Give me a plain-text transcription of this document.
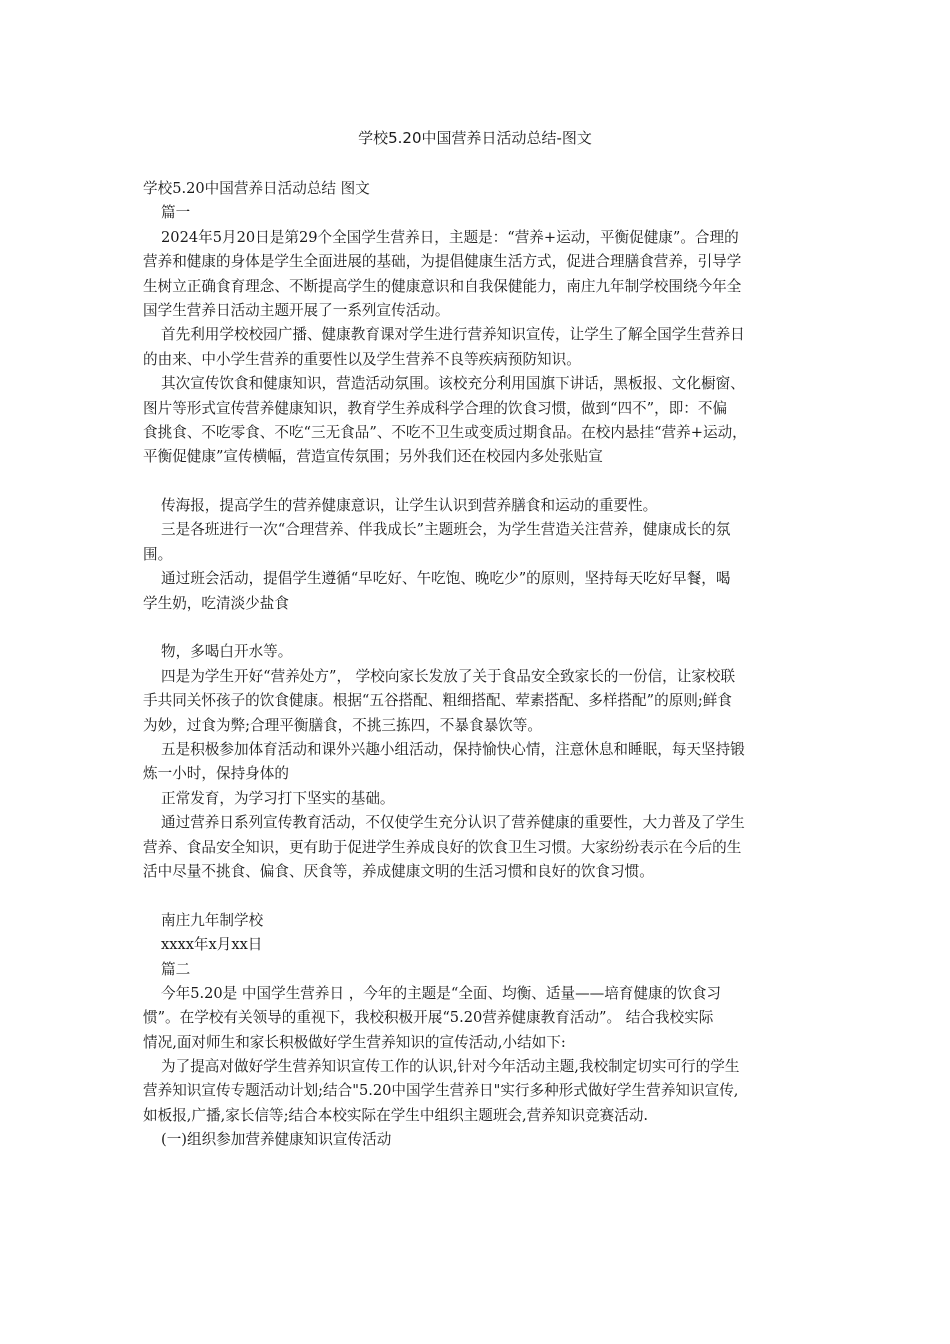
学校5.20中国营养日活动总结-图文
学校5.20中国营养日活动总结 图文
篇一
2024年5月20日是第29个全国学生营养日，主题是：“营养+运动，平衡促健康”。合理的
营养和健康的身体是学生全面进展的基础，为提倡健康生活方式，促进合理膳食营养，引导学
生树立正确食育理念、不断提高学生的健康意识和自我保健能力，南庄九年制学校围绕今年全
国学生营养日活动主题开展了一系列宣传活动。
首先利用学校校园广播、健康教育课对学生进行营养知识宣传，让学生了解全国学生营养日
的由来、中小学生营养的重要性以及学生营养不良等疾病预防知识。
其次宣传饮食和健康知识，营造活动氛围。该校充分利用国旗下讲话，黑板报、文化橱窗、
图片等形式宣传营养健康知识，教育学生养成科学合理的饮食习惯，做到“四不”，即：不偏
食挑食、不吃零食、不吃“三无食品”、不吃不卫生或变质过期食品。在校内悬挂“营养+运动，
平衡促健康”宣传横幅，营造宣传氛围；另外我们还在校园内多处张贴宣
传海报，提高学生的营养健康意识，让学生认识到营养膳食和运动的重要性。
三是各班进行一次“合理营养、伴我成长”主题班会，为学生营造关注营养，健康成长的氛
围。
通过班会活动，提倡学生遵循“早吃好、午吃饱、晚吃少”的原则，坚持每天吃好早餐，喝
学生奶，吃清淡少盐食
物，多喝白开水等。
四是为学生开好“营养处方”， 学校向家长发放了关于食品安全致家长的一份信，让家校联
手共同关怀孩子的饮食健康。根据“五谷搭配、粗细搭配、荤素搭配、多样搭配”的原则;鲜食
为妙，过食为弊;合理平衡膳食，不挑三拣四，不暴食暴饮等。
五是积极参加体育活动和课外兴趣小组活动，保持愉快心情，注意休息和睡眠，每天坚持锻
炼一小时，保持身体的
正常发育，为学习打下坚实的基础。
通过营养日系列宣传教育活动，不仅使学生充分认识了营养健康的重要性，大力普及了学生
营养、食品安全知识，更有助于促进学生养成良好的饮食卫生习惯。大家纷纷表示在今后的生
活中尽量不挑食、偏食、厌食等，养成健康文明的生活习惯和良好的饮食习惯。
南庄九年制学校
xxxx年x月xx日
篇二
今年5.20是 中国学生营养日 ，今年的主题是“全面、均衡、适量——培育健康的饮食习
惯”。在学校有关领导的重视下，我校积极开展“5.20营养健康教育活动”。 结合我校实际
情况,面对师生和家长积极做好学生营养知识的宣传活动,小结如下:
为了提高对做好学生营养知识宣传工作的认识,针对今年活动主题,我校制定切实可行的学生
营养知识宣传专题活动计划;结合"5.20中国学生营养日"实行多种形式做好学生营养知识宣传,
如板报,广播,家长信等;结合本校实际在学生中组织主题班会,营养知识竞赛活动.
(一)组织参加营养健康知识宣传活动
